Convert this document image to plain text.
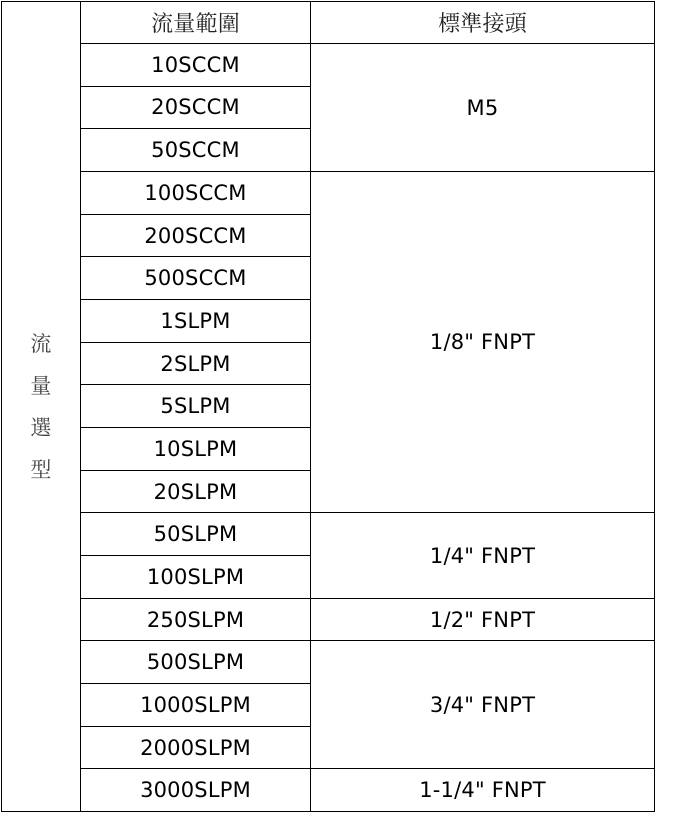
流
量
選
型
流量範圍	標準接頭
10SCCM
20SCCM
50SCCM
100SCCM
200SCCM
500SCCM
1SLPM
2SLPM
5SLPM
10SLPM
20SLPM
50SLPM
100SLPM
250SLPM
500SLPM
1000SLPM
2000SLPM
3000SLPM
M5
1/8" FNPT
1/4" FNPT
1/2" FNPT
3/4" FNPT
1-1/4" FNPT
